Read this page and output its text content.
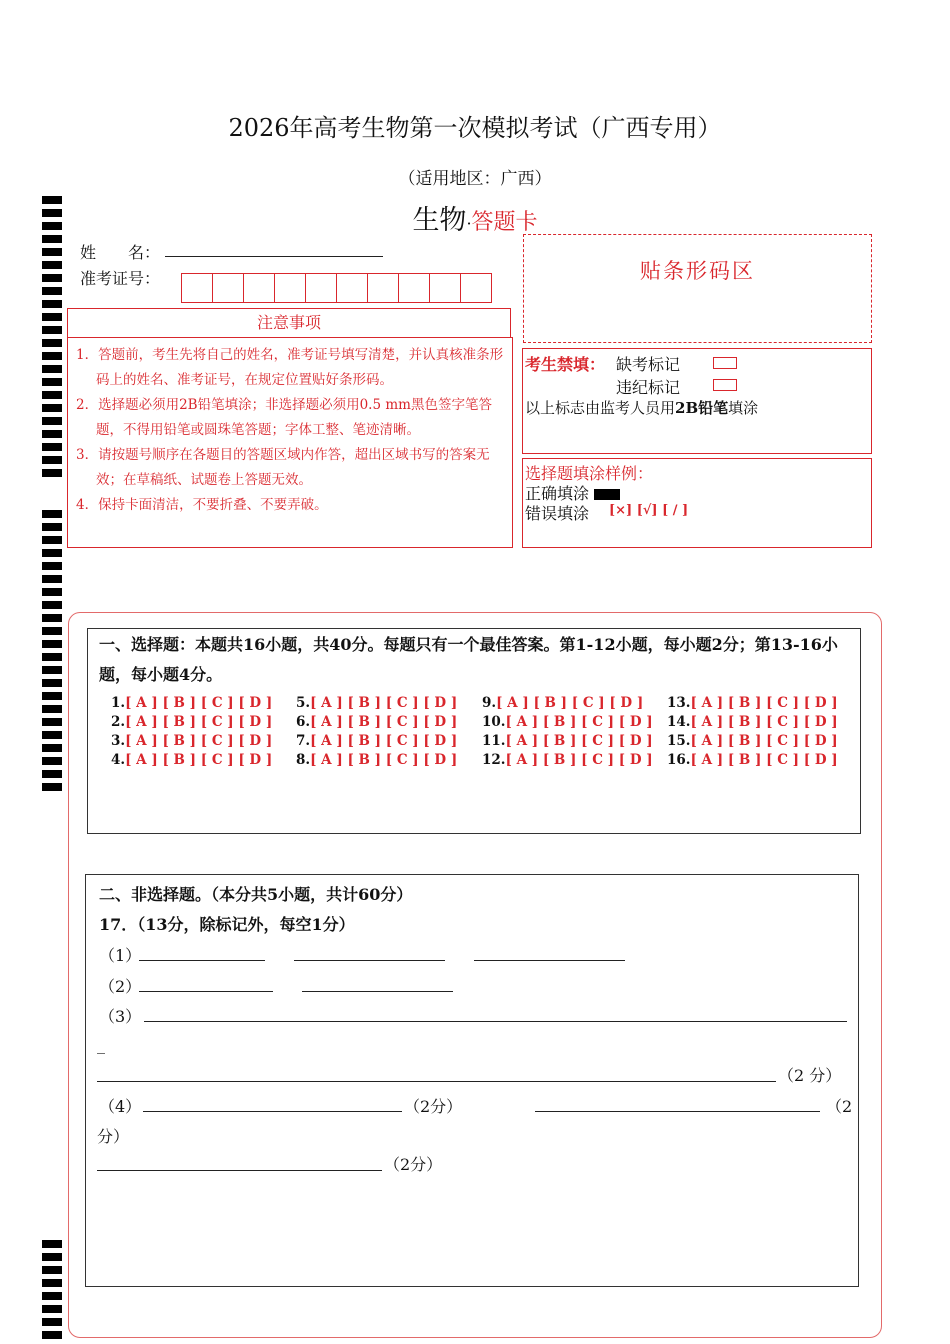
2026年高考生物第一次模拟考试（广西专用）
（适用地区：广西）
生物·答题卡
姓　　名：
准考证号：
注意事项

1．答题前，考生先将自己的姓名，准考证号填写清楚，并认真核准条形码上的姓名、准考证号，在规定位置贴好条形码。

2．选择题必须用2B铅笔填涂；非选择题必须用0.5 mm黑色签字笔答题，不得用铅笔或圆珠笔答题；字体工整、笔迹清晰。

3．请按题号顺序在各题目的答题区域内作答，超出区域书写的答案无效；在草稿纸、试题卷上答题无效。

4．保持卡面清洁，不要折叠、不要弄破。

贴条形码区
考生禁填： 缺考标记
违纪标记
以上标志由监考人员用2B铅笔填涂
选择题填涂样例：
正确填涂
错误填涂 [×] [√] [ / ]
一、选择题：本题共16小题，共40分。每题只有一个最佳答案。第1-12小题，每小题2分；第13-16小题，每小题4分。
1.[ A ] [ B ] [ C ] [ D ]
2.[ A ] [ B ] [ C ] [ D ]
3.[ A ] [ B ] [ C ] [ D ]
4.[ A ] [ B ] [ C ] [ D ]
5.[ A ] [ B ] [ C ] [ D ]
6.[ A ] [ B ] [ C ] [ D ]
7.[ A ] [ B ] [ C ] [ D ]
8.[ A ] [ B ] [ C ] [ D ]
9.[ A ] [ B ] [ C ] [ D ]
10.[ A ] [ B ] [ C ] [ D ]
11.[ A ] [ B ] [ C ] [ D ]
12.[ A ] [ B ] [ C ] [ D ]
13.[ A ] [ B ] [ C ] [ D ]
14.[ A ] [ B ] [ C ] [ D ]
15.[ A ] [ B ] [ C ] [ D ]
16.[ A ] [ B ] [ C ] [ D ]
二、非选择题。（本分共5小题，共计60分）
17．（13分，除标记外，每空1分）
（1）
（2）
（3）
_
（2 分）
（4）	（2分）	（2
分）
（2分）
